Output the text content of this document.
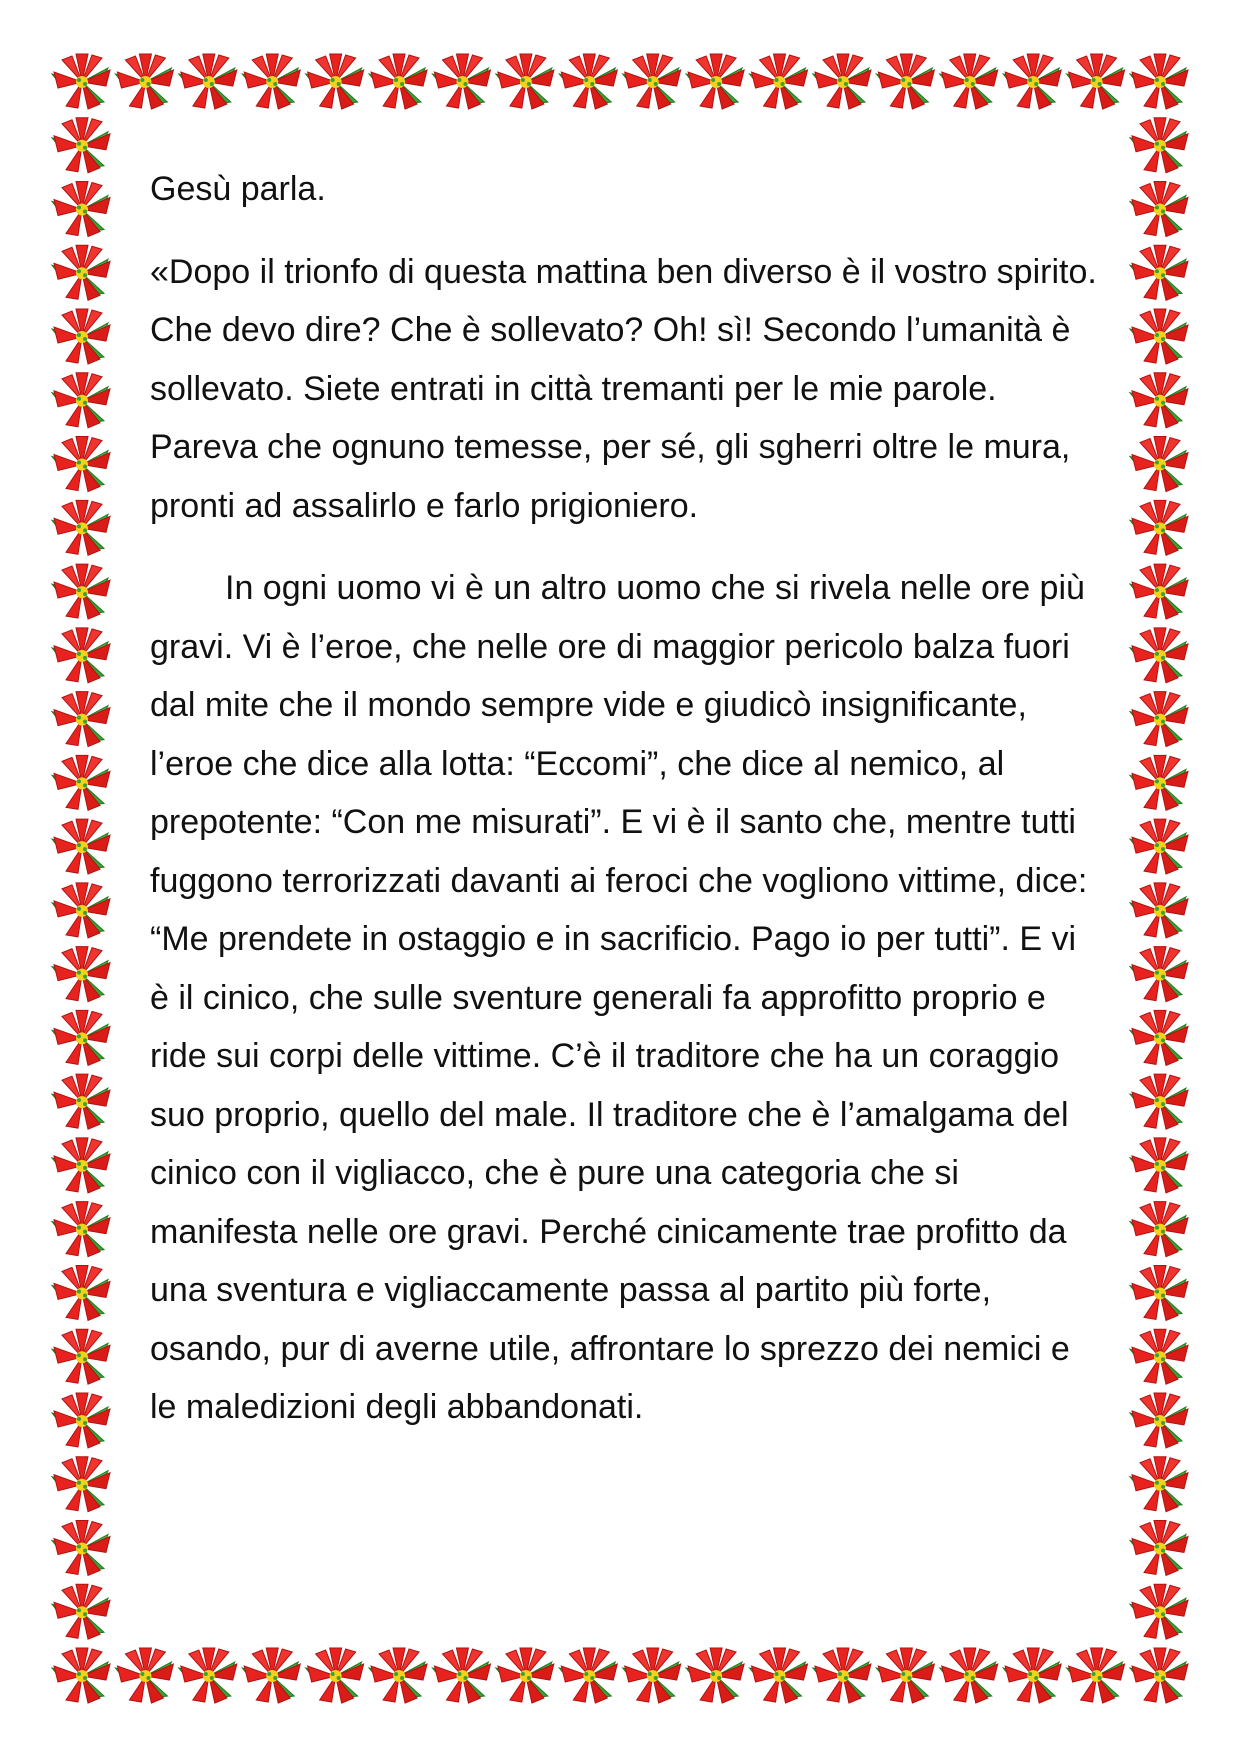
Gesù parla.

«Dopo il trionfo di questa mattina ben diverso è il vostro spirito. Che devo dire? Che è sollevato? Oh! sì! Secondo l’umanità è sollevato. Siete entrati in città tremanti per le mie parole. Pareva che ognuno temesse, per sé, gli sgherri oltre le mura, pronti ad assalirlo e farlo prigioniero.

In ogni uomo vi è un altro uomo che si rivela nelle ore più gravi. Vi è l’eroe, che nelle ore di maggior pericolo balza fuori dal mite che il mondo sempre vide e giudicò insignificante, l’eroe che dice alla lotta: “Eccomi”, che dice al nemico, al prepotente: “Con me misurati”. E vi è il santo che, mentre tutti fuggono terrorizzati davanti ai feroci che vogliono vittime, dice: “Me prendete in ostaggio e in sacrificio. Pago io per tutti”. E vi è il cinico, che sulle sventure generali fa approfitto proprio e ride sui corpi delle vittime. C’è il traditore che ha un coraggio suo proprio, quello del male. Il traditore che è l’amalgama del cinico con il vigliacco, che è pure una categoria che si manifesta nelle ore gravi. Perché cinicamente trae profitto da una sventura e vigliaccamente passa al partito più forte, osando, pur di averne utile, affrontare lo sprezzo dei nemici e le maledizioni degli abbandonati.
